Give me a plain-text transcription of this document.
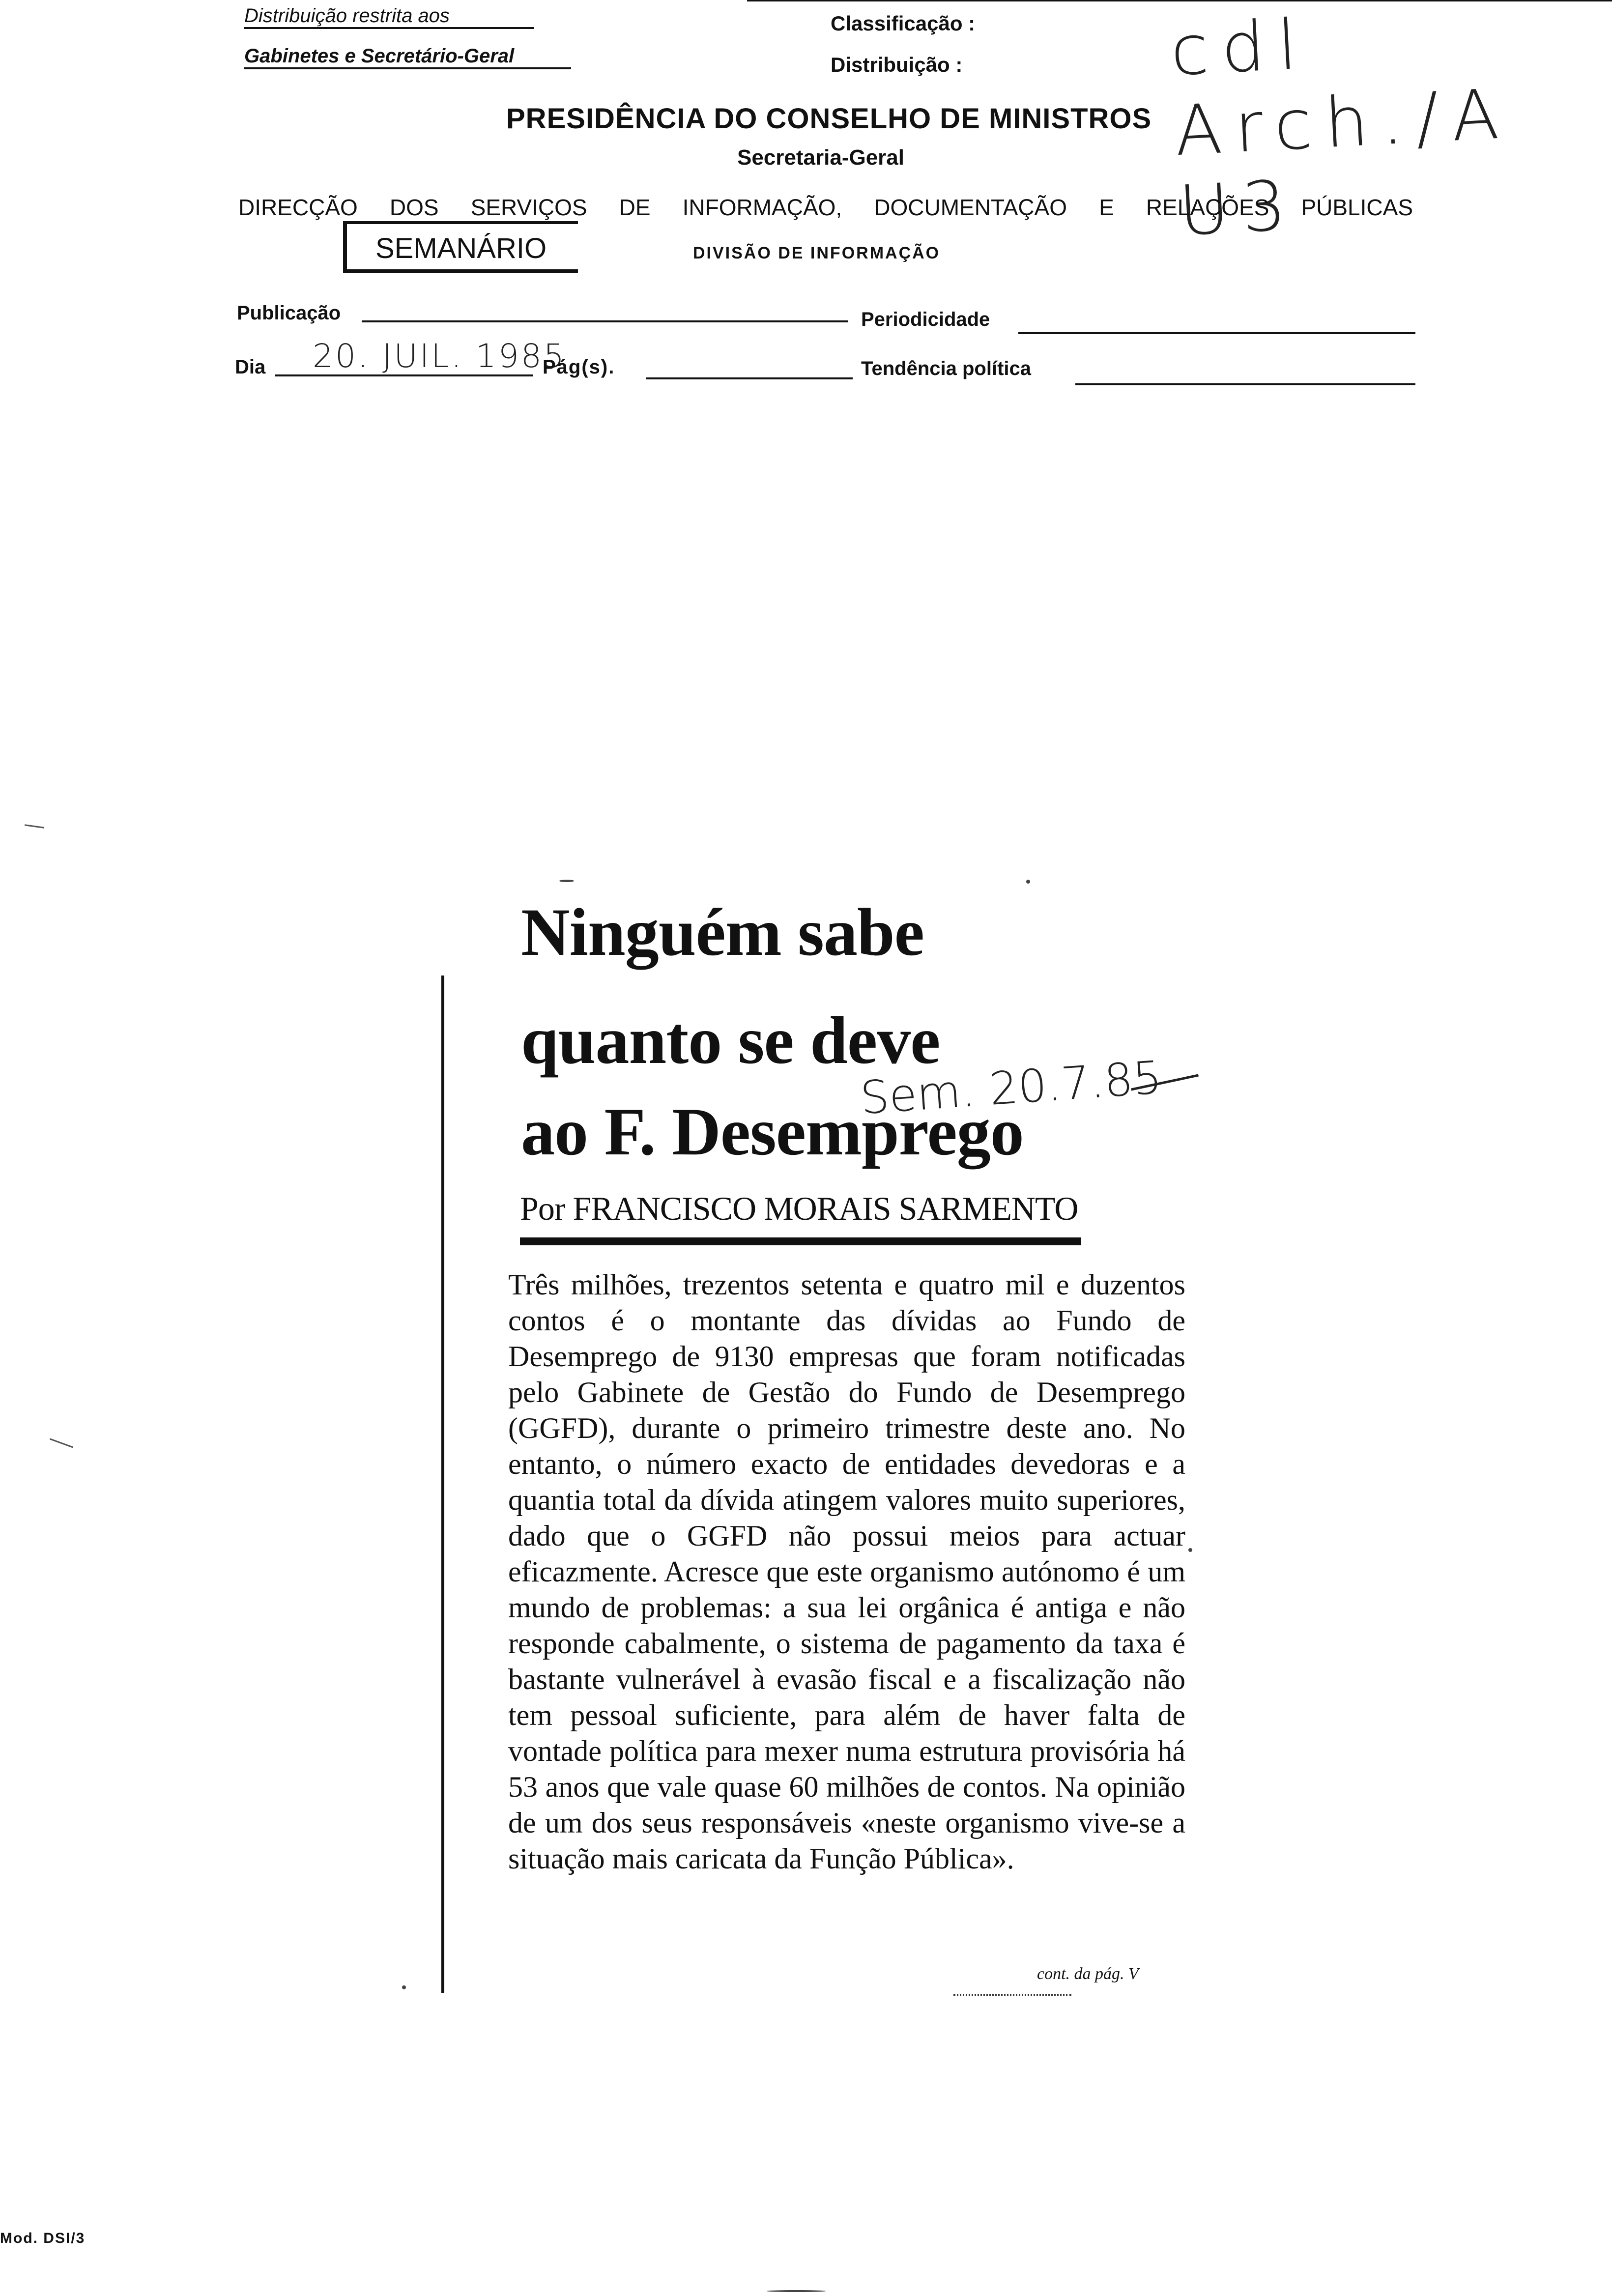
Distribuição restrita aos
Gabinetes e Secretário-Geral
Classificação :
Distribuição :	cdl Arch./A U3
PRESIDÊNCIA DO CONSELHO DE MINISTROS
Secretaria-Geral
DIRECÇÃO DOS SERVIÇOS DE INFORMAÇÃO, DOCUMENTAÇÃO E RELAÇÕES PÚBLICAS
SEMANÁRIO	DIVISÃO DE INFORMAÇÃO
Publicação	Periodicidade
Dia 20. JUIL. 1985
Pág(s).	Tendência política
Ninguém sabe
quanto se deve
ao F. Desemprego
Sem. 20.7.85
Por FRANCISCO MORAIS SARMENTO
Três milhões, trezentos setenta e quatro mil e duzentos contos é o montante das dívidas ao Fundo de Desemprego de 9130 empresas que foram notificadas pelo Gabinete de Gestão do Fundo de Desemprego (GGFD), durante o primeiro trimestre deste ano. No entanto, o número exacto de entidades devedoras e a quantia total da dívida atingem valores muito superiores, dado que o GGFD não possui meios para actuar eficazmente. Acresce que este organismo autónomo é um mundo de problemas: a sua lei orgânica é antiga e não responde cabalmente, o sistema de pagamento da taxa é bastante vulnerável à evasão fiscal e a fiscalização não tem pessoal suficiente, para além de haver falta de vontade política para mexer numa estrutura provisória há 53 anos que vale quase 60 milhões de contos. Na opinião de um dos seus responsáveis «neste organismo vive-se a situação mais caricata da Função Pública».
cont. da pág. V
Mod. DSI/3
